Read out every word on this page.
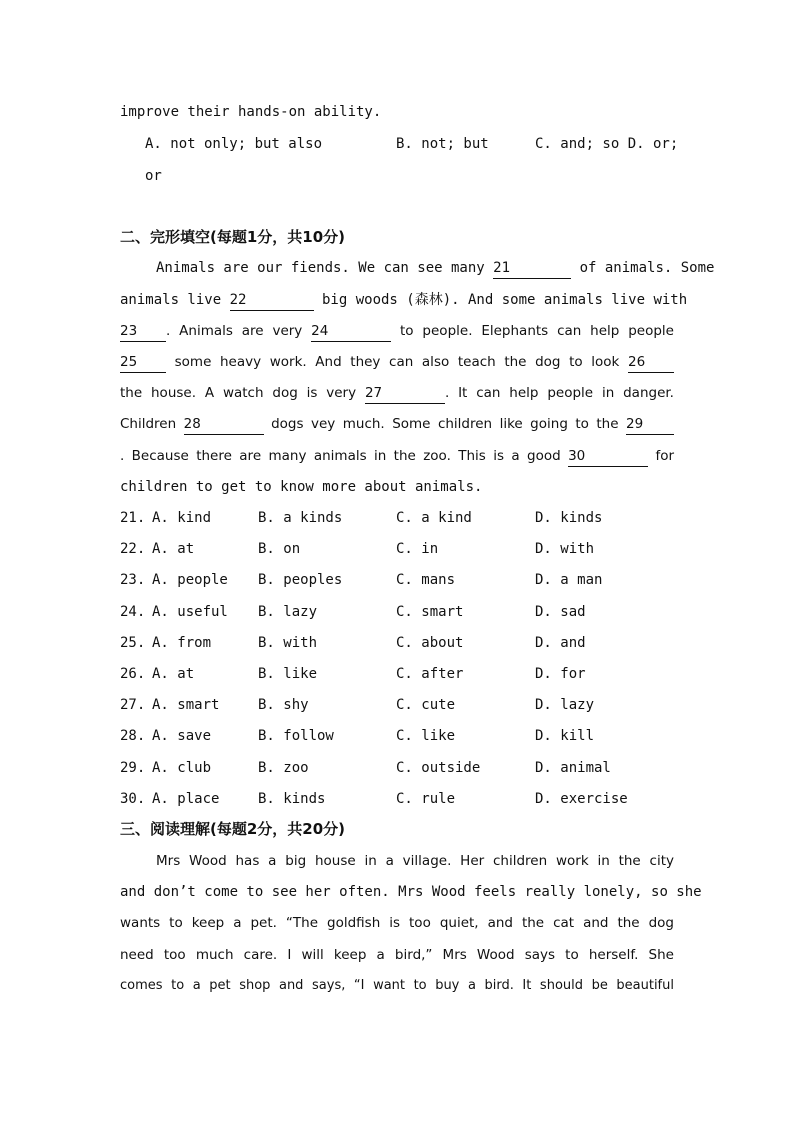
improve their hands-on ability.
A. not only; but also	B. not; but	C. and; so D. or;
or
二、完形填空(每题1分，共10分)
Animals are our fiends. We can see many 21	of animals. Some
animals live 22	big woods (森林). And some animals live with
23 . Animals are very 24	to people. Elephants can help people
25 some heavy work. And they can also teach the dog to look 26
the house. A watch dog is very 27	. It can help people in danger.
Children 28	dogs vey much. Some children like going to the 29
. Because there are many animals in the zoo. This is a good 30	for
children to get to know more about animals.
21. A. kind	B. a kinds	C. a kind	D. kinds
22. A. at	B. on	C. in	D. with
23. A. people B. peoples	C. mans	D. a man
24. A. useful B. lazy	C. smart	D. sad
25. A. from	B. with	C. about	D. and
26. A. at	B. like	C. after	D. for
27. A. smart	B. shy	C. cute	D. lazy
28. A. save	B. follow	C. like	D. kill
29. A. club	B. zoo	C. outside	D. animal
30. A. place	B. kinds	C. rule	D. exercise
三、阅读理解(每题2分，共20分)
Mrs Wood has a big house in a village. Her children work in the city
and don’t come to see her often. Mrs Wood feels really lonely, so she
wants to keep a pet. “The goldfish is too quiet, and the cat and the dog
need too much care. I will keep a bird,” Mrs Wood says to herself. She
comes to a pet shop and says, “I want to buy a bird. It should be beautiful
